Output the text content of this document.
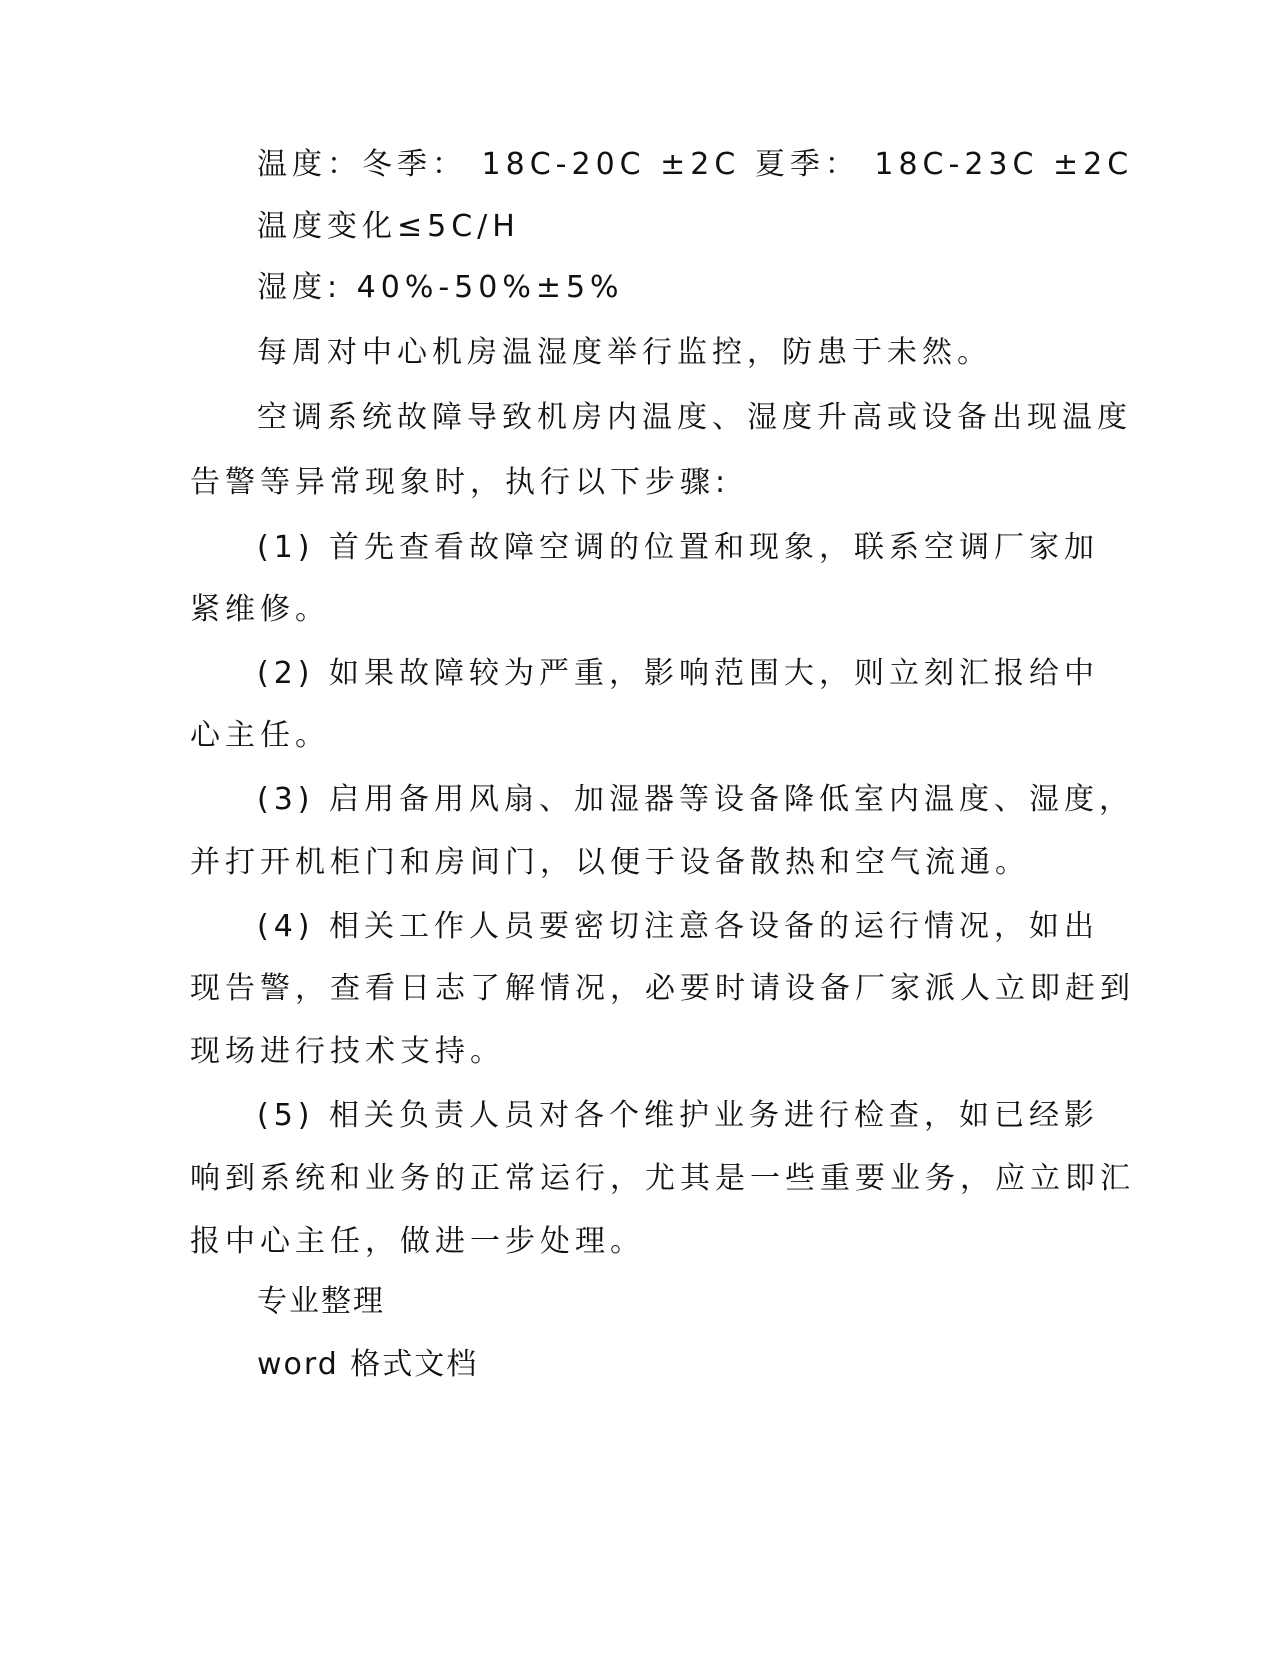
温度：冬季： 18C-20C ±2C 夏季： 18C-23C ±2C
温度变化≤5C/H
湿度: 40%-50%±5%
每周对中心机房温湿度举行监控，防患于未然。
空调系统故障导致机房内温度、湿度升高或设备出现温度
告警等异常现象时，执行以下步骤:
(1) 首先查看故障空调的位置和现象，联系空调厂家加
紧维修。
(2) 如果故障较为严重，影响范围大，则立刻汇报给中
心主任。
(3) 启用备用风扇、加湿器等设备降低室内温度、湿度，
并打开机柜门和房间门，以便于设备散热和空气流通。
(4) 相关工作人员要密切注意各设备的运行情况，如出
现告警，查看日志了解情况，必要时请设备厂家派人立即赶到
现场进行技术支持。
(5) 相关负责人员对各个维护业务进行检查，如已经影
响到系统和业务的正常运行，尤其是一些重要业务，应立即汇
报中心主任，做进一步处理。
专业整理
word 格式文档
